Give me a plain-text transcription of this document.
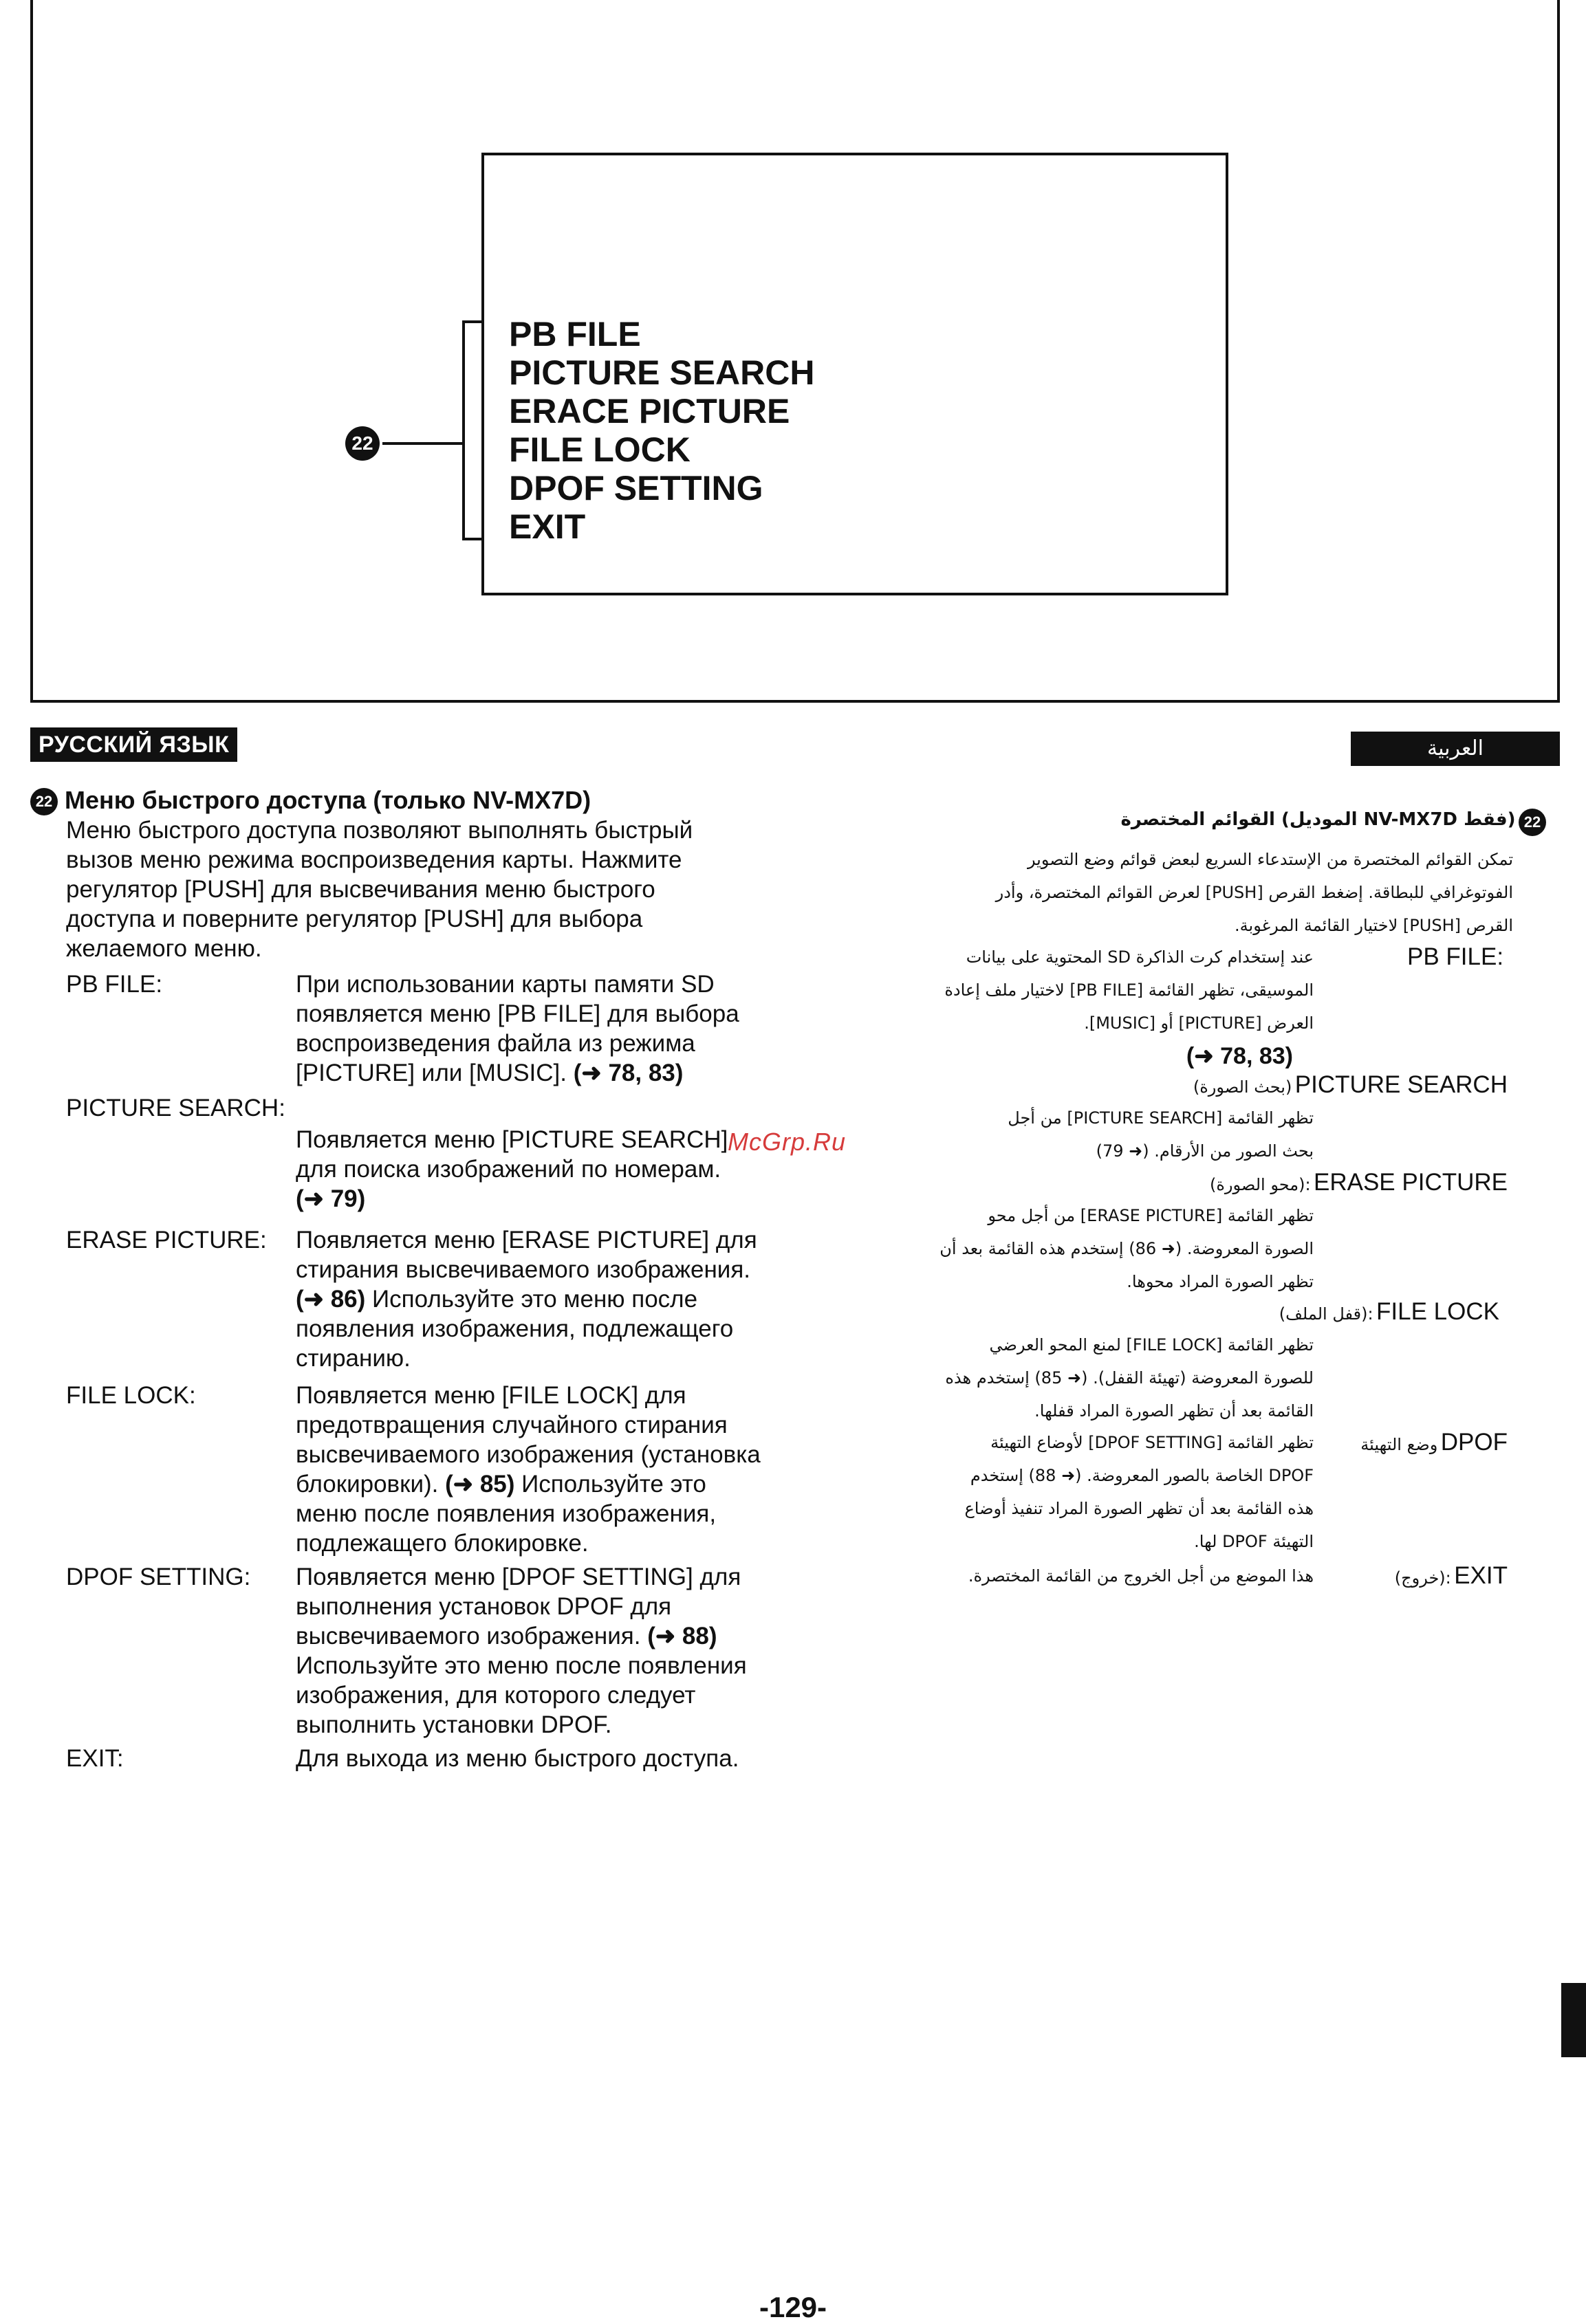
PB FILE
PICTURE SEARCH
ERACE PICTURE
FILE LOCK
DPOF SETTING
EXIT
22
РУССКИЙ ЯЗЫК	العربية
22 Меню быстрого доступа (только NV-MX7D)
Меню быстрого доступа позволяют выполнять быстрый
вызов меню режима воспроизведения карты. Нажмите
регулятор [PUSH] для высвечивания меню быстрого
доступа и поверните регулятор [PUSH] для выбора
желаемого меню.
PB FILE:	При использовании карты памяти SD
появляется меню [PB FILE] для выбора
воспроизведения файла из режима
[PICTURE] или [MUSIC]. (➜ 78, 83)
PICTURE SEARCH:
Появляется меню [PICTURE SEARCH]
для поиска изображений по номерам.
(➜ 79)
ERASE PICTURE: Появляется меню [ERASE PICTURE] для
стирания высвечиваемого изображения.
(➜ 86) Используйте это меню после
появления изображения, подлежащего
стиранию.
FILE LOCK:	Появляется меню [FILE LOCK] для
предотвращения случайного стирания
высвечиваемого изображения (установка
блокировки). (➜ 85) Используйте это
меню после появления изображения,
подлежащего блокировке.
DPOF SETTING: Появляется меню [DPOF SETTING] для
выполнения установок DPOF для
высвечиваемого изображения. (➜ 88)
Используйте это меню после появления
изображения, для которого следует
выполнить установки DPOF.
EXIT:	Для выхода из меню быстрого доступа.
القوائم المختصرة (الموديل NV-MX7D فقط) 22
تمكن القوائم المختصرة من الإستدعاء السريع لبعض قوائم وضع التصوير
الفوتوغرافي للبطاقة. إضغط القرص [PUSH] لعرض القوائم المختصرة، وأدر
القرص [PUSH] لاختيار القائمة المرغوبة.
PB FILE:
عند إستخدام كرت الذاكرة SD المحتوية على بيانات
الموسيقى، تظهر القائمة [PB FILE] لاختيار ملف إعادة
العرض [PICTURE] أو [MUSIC].
(➜ 78, 83)
(بحث الصورة) PICTURE SEARCH
تظهر القائمة [PICTURE SEARCH] من أجل
بحث الصور من الأرقام. (➜ 79)
(محو الصورة): ERASE PICTURE
تظهر القائمة [ERASE PICTURE] من أجل محو
الصورة المعروضة. (➜ 86) إستخدم هذه القائمة بعد أن
تظهر الصورة المراد محوها.
(قفل الملف): FILE LOCK
تظهر القائمة [FILE LOCK] لمنع المحو العرضي
للصورة المعروضة (تهيئة القفل). (➜ 85) إستخدم هذه
القائمة بعد أن تظهر الصورة المراد قفلها.
وضع التهيئة DPOF
تظهر القائمة [DPOF SETTING] لأوضاع التهيئة
DPOF الخاصة بالصور المعروضة. (➜ 88) إستخدم
هذه القائمة بعد أن تظهر الصورة المراد تنفيذ أوضاع
التهيئة DPOF لها.
(خروج): EXIT
هذا الموضع من أجل الخروج من القائمة المختصرة.
McGrp.Ru
-129-
